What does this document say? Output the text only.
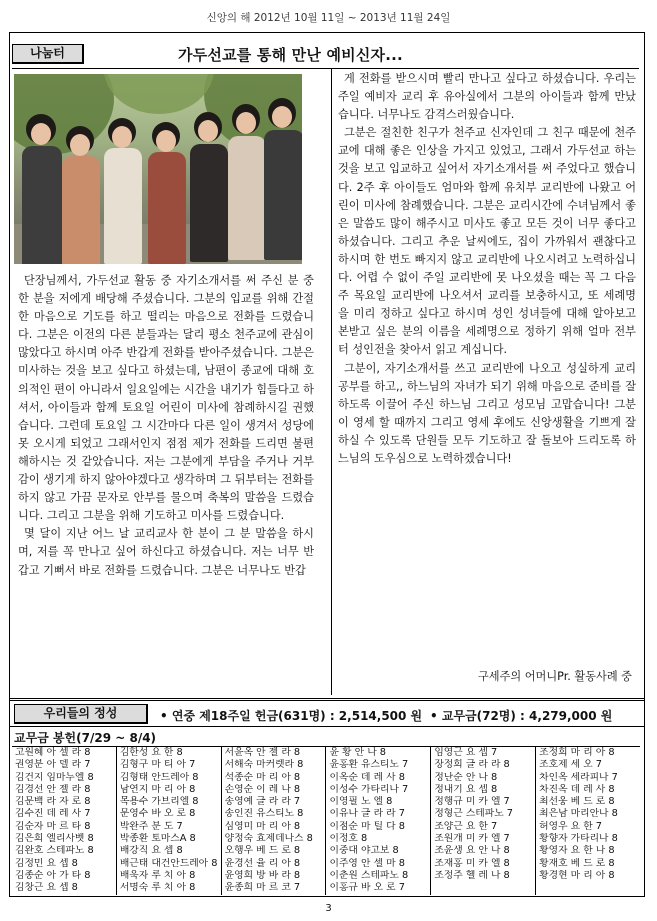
신앙의 해 2012년 10월 11일 ~ 2013년 11월 24일
나눔터	가두선교를 통해 만난 예비신자...

단장님께서, 가두선교 활동 중 자기소개서를 써 주신 분 중 한 분을 저에게 배당해 주셨습니다. 그분의 입교를 위해 간절한 마음으로 기도를 하고 떨리는 마음으로 전화를 드렸습니다. 그분은 이전의 다른 분들과는 달리 평소 천주교에 관심이 많았다고 하시며 아주 반갑게 전화를 받아주셨습니다. 그분은 미사하는 것을 보고 싶다고 하셨는데, 남편이 종교에 대해 호의적인 편이 아니라서 일요일에는 시간을 내기가 힘들다고 하셔서, 아이들과 함께 토요일 어린이 미사에 참례하시길 권했습니다. 그런데 토요일 그 시간마다 다른 일이 생겨서 성당에 못 오시게 되었고 그래서인지 점점 제가 전화를 드리면 불편해하시는 것 같았습니다. 저는 그분에게 부담을 주거나 거부감이 생기게 하지 않아야겠다고 생각하며 그 뒤부터는 전화를 하지 않고 가끔 문자로 안부를 물으며 축복의 말씀을 드렸습니다. 그리고 그분을 위해 기도하고 미사를 드렸습니다.

몇 달이 지난 어느 날 교리교사 한 분이 그 분 말씀을 하시며, 저를 꼭 만나고 싶어 하신다고 하셨습니다. 저는 너무 반갑고 기뻐서 바로 전화를 드렸습니다. 그분은 너무나도 반갑

게 전화를 받으시며 빨리 만나고 싶다고 하셨습니다. 우리는 주일 예비자 교리 후 유아실에서 그분의 아이들과 함께 만났습니다. 너무나도 감격스러웠습니다.

그분은 절친한 친구가 천주교 신자인데 그 친구 때문에 천주교에 대해 좋은 인상을 가지고 있었고, 그래서 가두선교 하는 것을 보고 입교하고 싶어서 자기소개서를 써 주었다고 했습니다. 2주 후 아이들도 엄마와 함께 유치부 교리반에 나왔고 어린이 미사에 참례했습니다. 그분은 교리시간에 수녀님께서 좋은 말씀도 많이 해주시고 미사도 좋고 모든 것이 너무 좋다고 하셨습니다. 그리고 추운 날씨에도, 집이 가까워서 괜찮다고 하시며 한 번도 빠지지 않고 교리반에 나오시려고 노력하십니다. 어렵 수 없이 주일 교리반에 못 나오셨을 때는 꼭 그 다음 주 목요일 교리반에 나오셔서 교리를 보충하시고, 또 세례명을 미리 정하고 싶다고 하시며 성인 성녀들에 대해 알아보고 본받고 싶은 분의 이름을 세례명으로 정하기 위해 얼마 전부터 성인전을 찾아서 읽고 계십니다.

그분이, 자기소개서를 쓰고 교리반에 나오고 성실하게 교리 공부를 하고,, 하느님의 자녀가 되기 위해 마음으로 준비를 잘 하도록 이끌어 주신 하느님 그리고 성모님 고맙습니다! 그분이 영세 할 때까지 그리고 영세 후에도 신앙생활을 기쁘게 잘 하실 수 있도록 단원들 모두 기도하고 잘 돌보아 드리도록 하느님의 도우심으로 노력하겠습니다!

구세주의 어머니Pr. 활동사례 중
우리들의 정성	• 연중 제18주일 헌금(631명) : 2,514,500 원 • 교무금(72명) : 4,279,000 원
교무금 봉헌(7/29 ~ 8/4)
고원혜 아 셀 라 8
권영분 아 델 라 7
김건지 임마누엘 8
김경선 안 젤 라 8
김문백 라 자 로 8
김수진 데 레 사 7
김순자 마 르 타 8
김은희 엘리사벳 8
김완호 스테파노 8
김정민 요 셉 8
김종순 아 가 타 8
김창근 요 셉 8
김한성 요 한 8
김형구 마 티 아 7
김형태 안드레아 8
남연지 마 리 아 8
목용수 가브리엘 8
문영수 바 오 로 8
박완주 분 도 7
박종환 토마스A 8
배강직 요 셉 8
배근태 대건안드레아 8
배욱자 루 치 아 8
서명숙 루 치 아 8
서윤옥 안 젤 라 8
서해숙 마커렛라 8
석종순 마 리 아 8
손영순 이 레 나 8
송영예 글 라 라 7
송인진 유스티노 8
심영미 마 리 아 8
양정숙 효제데나스 8
오행우 베 드 로 8
윤경선 율 리 아 8
윤영희 방 바 라 8
윤종희 마 르 코 7
윤 황 안 나 8
윤홍환 유스티노 7
이옥순 데 레 사 8
이성수 가타리나 7
이영필 노 엘 8
이유나 글 라 라 7
이점순 마 틸 다 8
이정호 8
이중대 야고보 8
이주영 안 셀 마 8
이춘원 스테파노 8
이홍규 바 오 로 7
임영근 요 셉 7
장정희 글 라 라 8
정난순 안 나 8
정내기 요 셉 8
정행규 미 카 엘 7
정형근 스테파노 7
조양근 요 한 7
조원개 미 카 엘 7
조윤생 요 안 나 8
조재홍 미 카 엘 8
조정주 헬 레 나 8
조정희 마 리 아 8
조호제 세 오 7
차인옥 세라피나 7
차진옥 데 레 사 8
최선웅 베 드 로 8
최은남 마리안나 8
허영우 요 한 7
황향자 가타리나 8
황영자 요 한 나 8
황재호 베 드 로 8
황경현 마 리 아 8
3
